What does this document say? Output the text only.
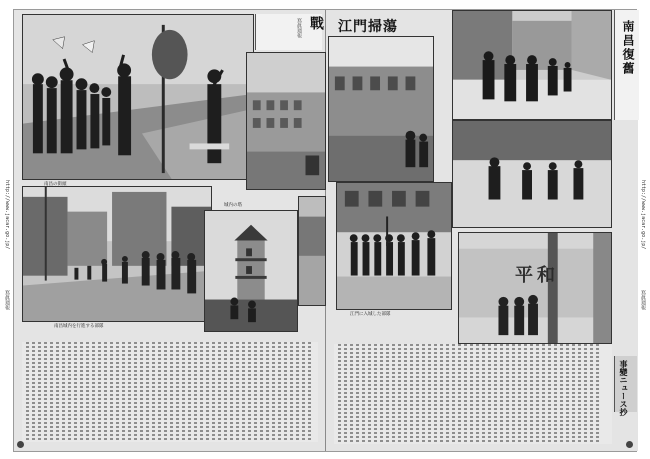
南昌の街頭
戰
寫眞週報
南昌城内を行進する部隊
城内の塔
江門掃蕩
江門に入城した部隊
平和
南昌復舊
事變ニュース抄
http://www.jacar.go.jp/
寫眞週報
http://www.jacar.go.jp/
寫眞週報
